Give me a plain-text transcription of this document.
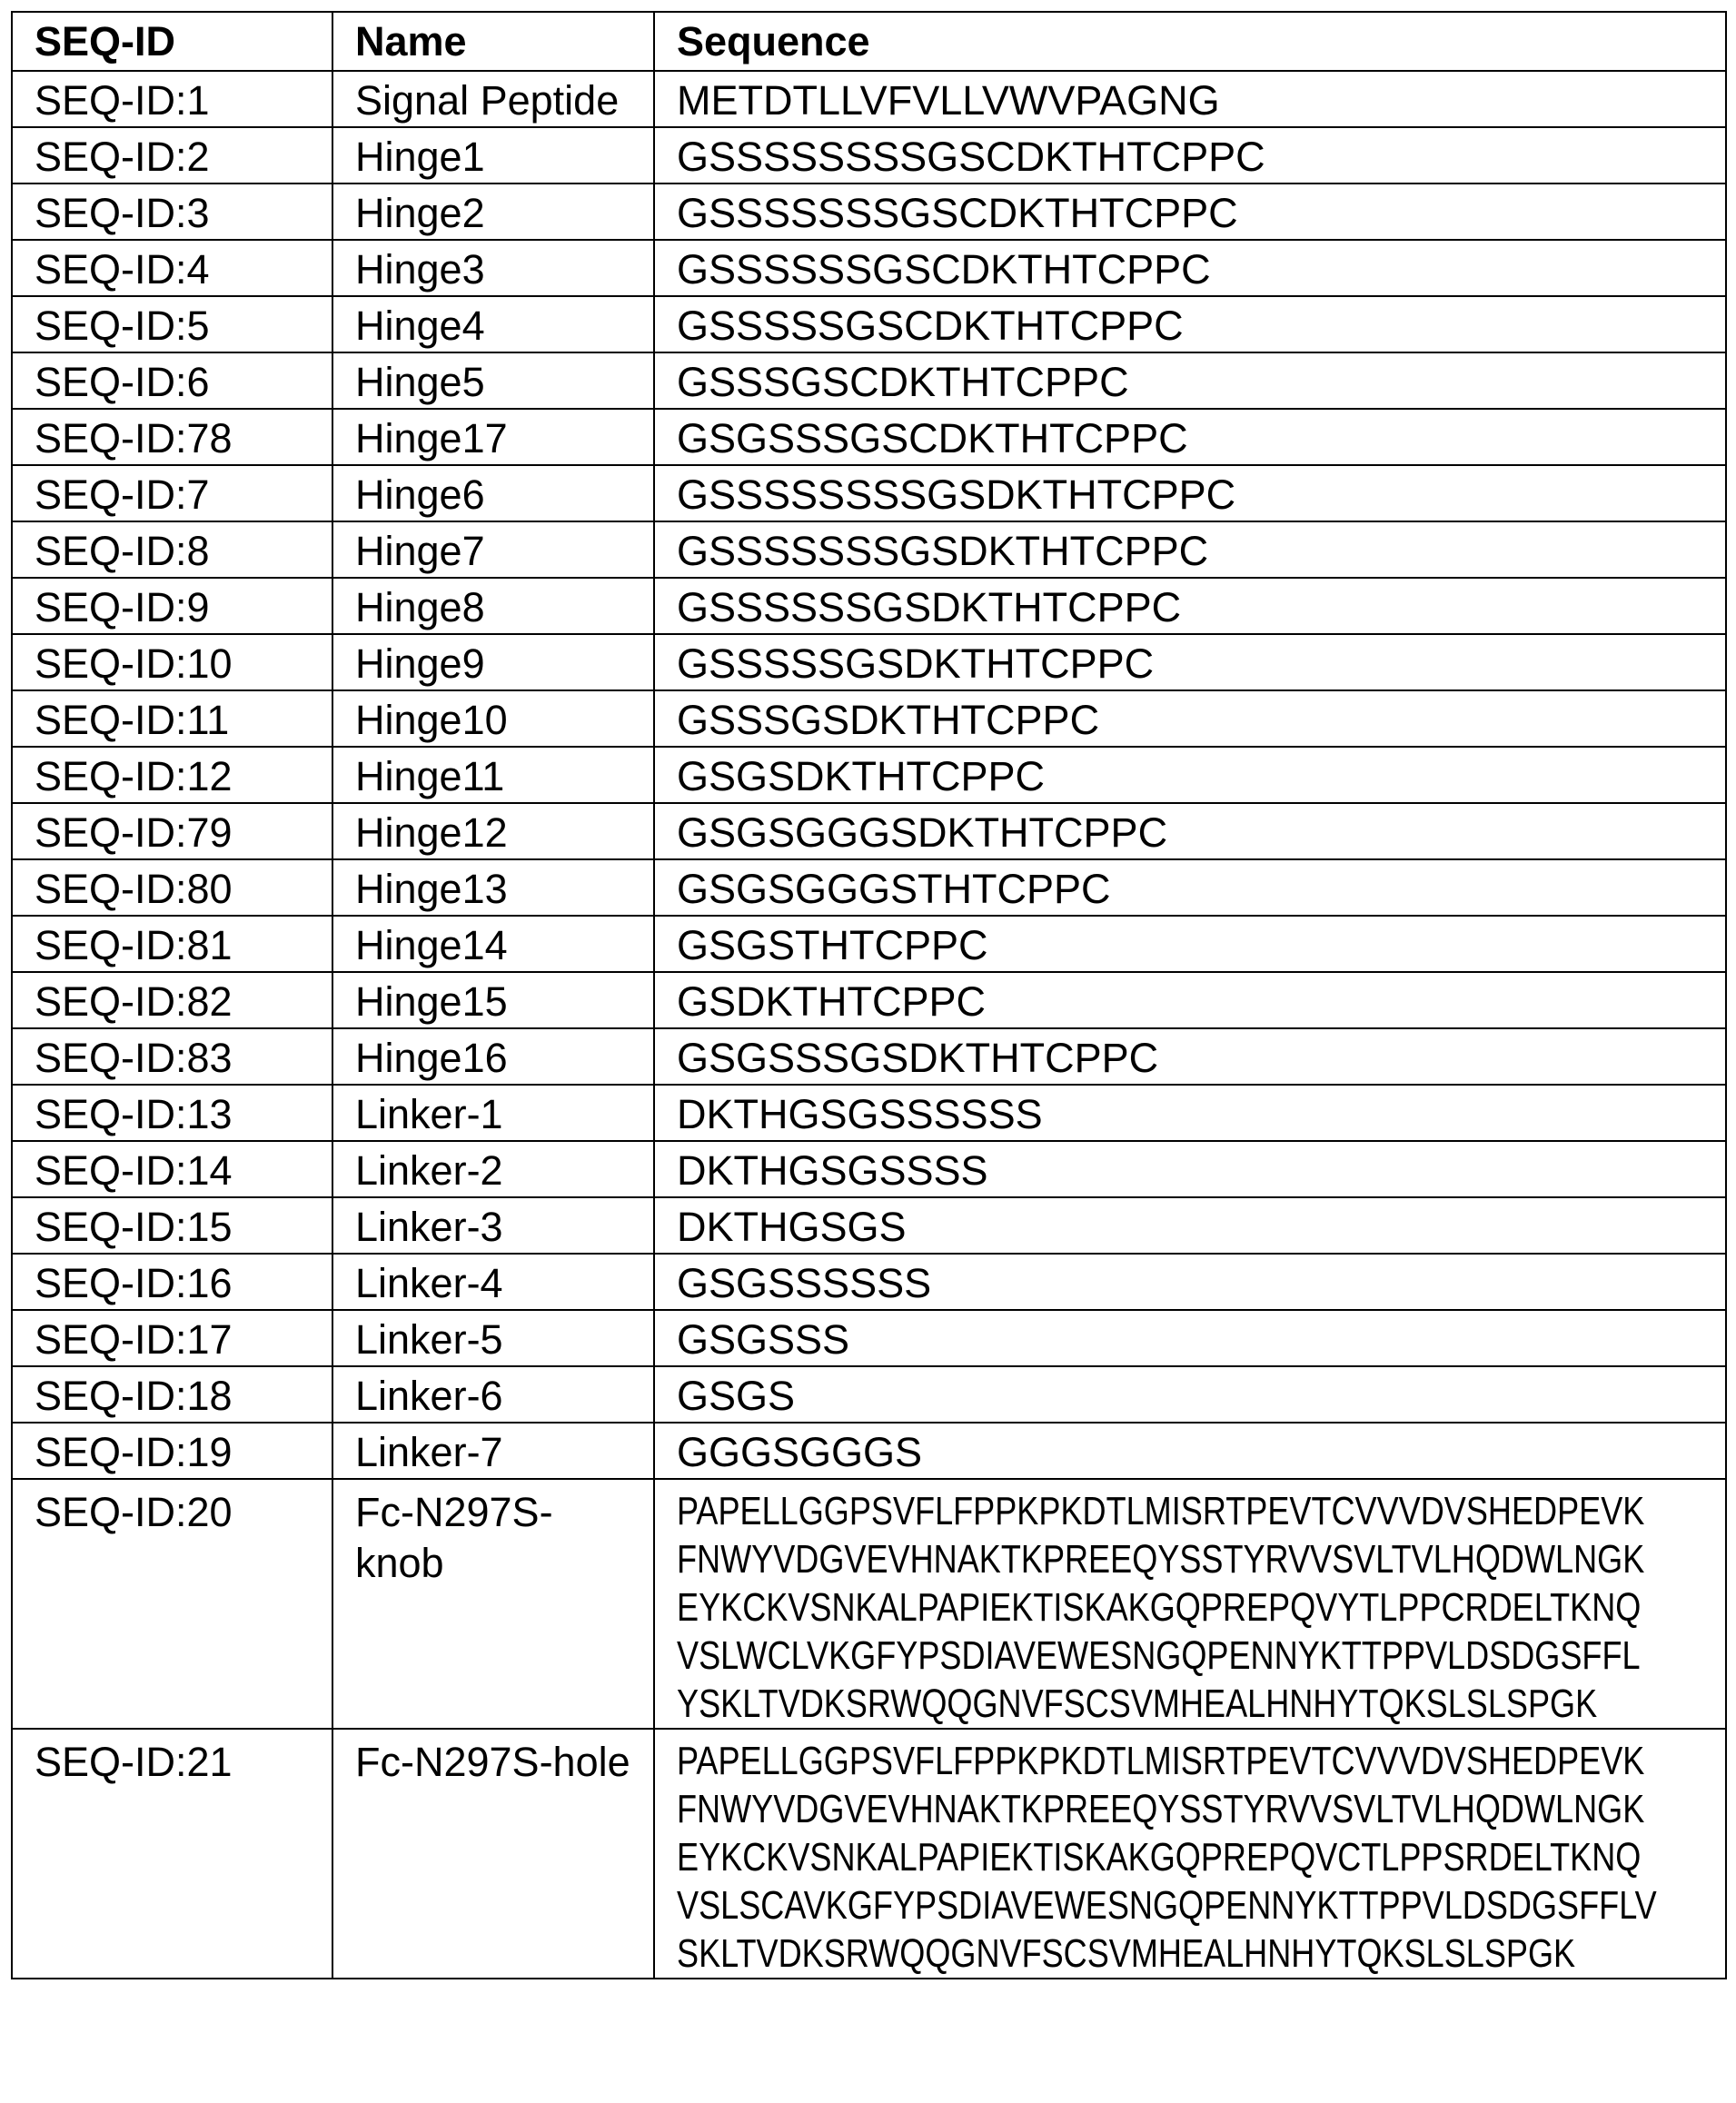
SEQ-ID	Name	Sequence
SEQ-ID:1	Signal Peptide	METDTLLVFVLLVWVPAGNG
SEQ-ID:2	Hinge1	GSSSSSSSSGSCDKTHTCPPC
SEQ-ID:3	Hinge2	GSSSSSSSGSCDKTHTCPPC
SEQ-ID:4	Hinge3	GSSSSSSGSCDKTHTCPPC
SEQ-ID:5	Hinge4	GSSSSSGSCDKTHTCPPC
SEQ-ID:6	Hinge5	GSSSGSCDKTHTCPPC
SEQ-ID:78	Hinge17	GSGSSSGSCDKTHTCPPC
SEQ-ID:7	Hinge6	GSSSSSSSSGSDKTHTCPPC
SEQ-ID:8	Hinge7	GSSSSSSSGSDKTHTCPPC
SEQ-ID:9	Hinge8	GSSSSSSGSDKTHTCPPC
SEQ-ID:10	Hinge9	GSSSSSGSDKTHTCPPC
SEQ-ID:11	Hinge10	GSSSGSDKTHTCPPC
SEQ-ID:12	Hinge11	GSGSDKTHTCPPC
SEQ-ID:79	Hinge12	GSGSGGGSDKTHTCPPC
SEQ-ID:80	Hinge13	GSGSGGGSTHTCPPC
SEQ-ID:81	Hinge14	GSGSTHTCPPC
SEQ-ID:82	Hinge15	GSDKTHTCPPC
SEQ-ID:83	Hinge16	GSGSSSGSDKTHTCPPC
SEQ-ID:13	Linker-1	DKTHGSGSSSSSS
SEQ-ID:14	Linker-2	DKTHGSGSSSS
SEQ-ID:15	Linker-3	DKTHGSGS
SEQ-ID:16	Linker-4	GSGSSSSSS
SEQ-ID:17	Linker-5	GSGSSS
SEQ-ID:18	Linker-6	GSGS
SEQ-ID:19	Linker-7	GGGSGGGS
SEQ-ID:20	Fc-N297S-knob	
PAPELLGGPSVFLFPPKPKDTLMISRTPEVTCVVVDVSHEDPEVK
FNWYVDGVEVHNAKTKPREEQYSSTYRVVSVLTVLHQDWLNGK
EYKCKVSNKALPAPIEKTISKAKGQPREPQVYTLPPCRDELTKNQ
VSLWCLVKGFYPSDIAVEWESNGQPENNYKTTPPVLDSDGSFFL
YSKLTVDKSRWQQGNVFSCSVMHEALHNHYTQKSLSLSPGK

SEQ-ID:21	Fc-N297S-hole	PAPELLGGPSVFLFPPKPKDTLMISRTPEVTCVVVDVSHEDPEVK
FNWYVDGVEVHNAKTKPREEQYSSTYRVVSVLTVLHQDWLNGK
EYKCKVSNKALPAPIEKTISKAKGQPREPQVCTLPPSRDELTKNQ
VSLSCAVKGFYPSDIAVEWESNGQPENNYKTTPPVLDSDGSFFLV
SKLTVDKSRWQQGNVFSCSVMHEALHNHYTQKSLSLSPGK
